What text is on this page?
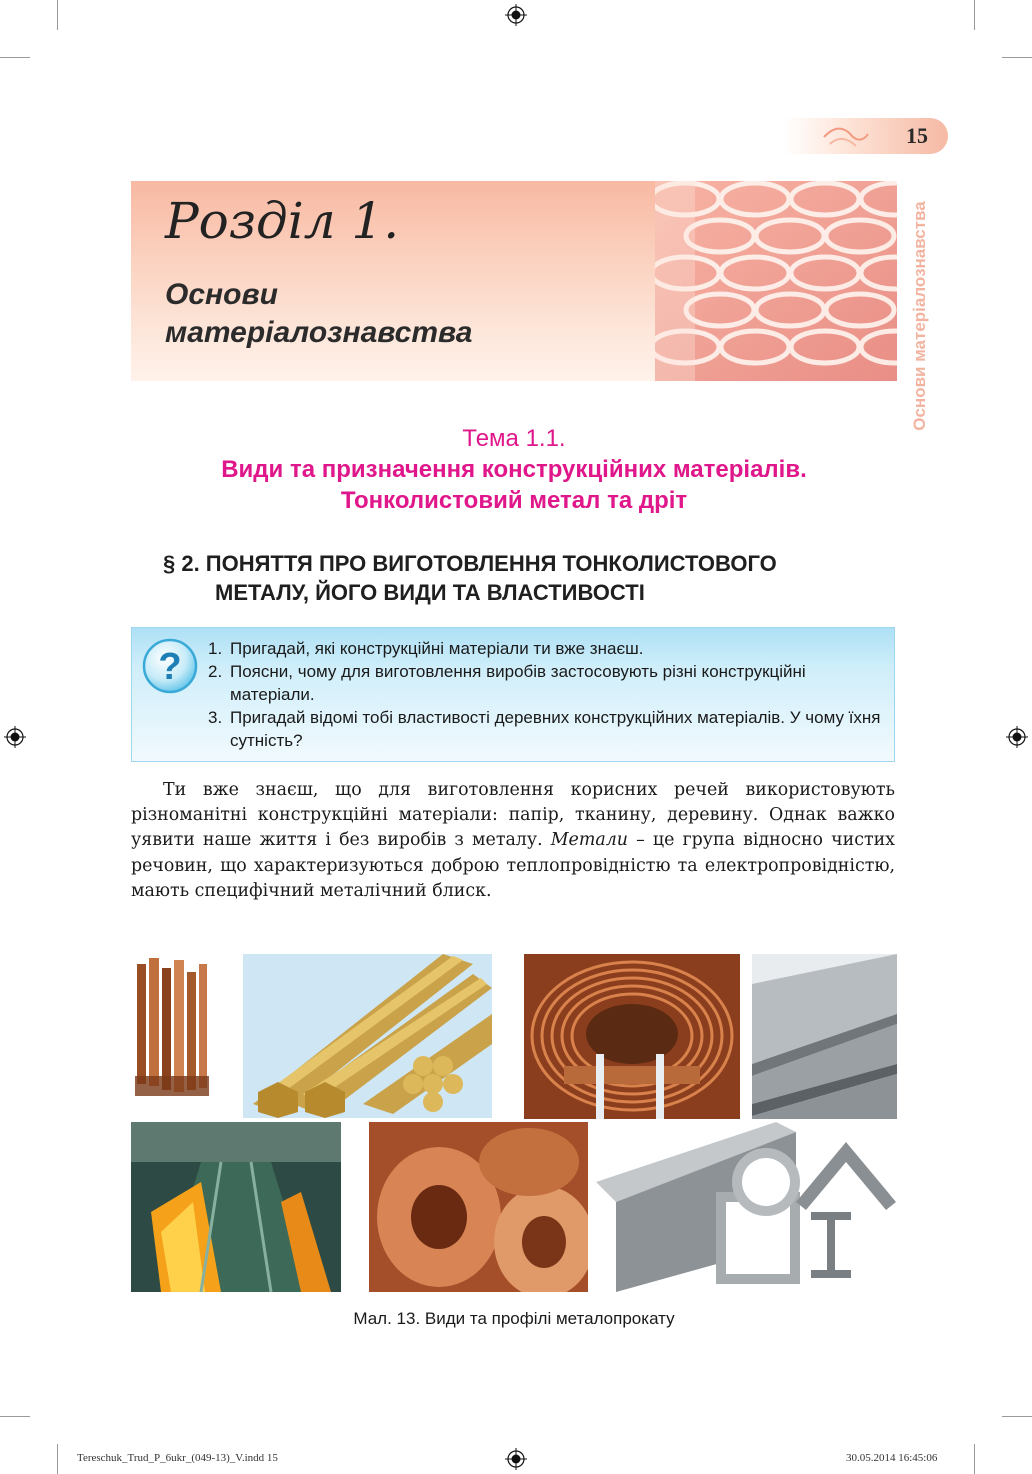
15
Розділ 1.
Основи
матеріалознавства	Основи матеріалознавства
Тема 1.1.
Види та призначення конструкційних матеріалів.
Тонколистовий метал та дріт
§ 2. ПОНЯТТЯ ПРО ВИГОТОВЛЕННЯ ТОНКОЛИСТОВОГО
МЕТАЛУ, ЙОГО ВИДИ ТА ВЛАСТИВОСТІ
? 1. Пригадай, які конструкційні матеріали ти вже знаєш.
2. Поясни, чому для виготовлення виробів застосовують різні конструкційні матеріали.
3. Пригадай відомі тобі властивості деревних конструкційних матеріалів. У чому їхня сутність?

Ти вже знаєш, що для виготовлення корисних речей використовують різноманітні конструкційні матеріали: папір, тканину, деревину. Однак важко уявити наше життя і без виробів з металу. Метали – це група відносно чистих речовин, що характеризуються доброю теплопровідністю та електропровідністю, мають специфічний металічний блиск.

Мал. 13. Види та профілі металопрокату
Tereschuk_Trud_P_6ukr_(049-13)_V.indd 15	30.05.2014 16:45:06
